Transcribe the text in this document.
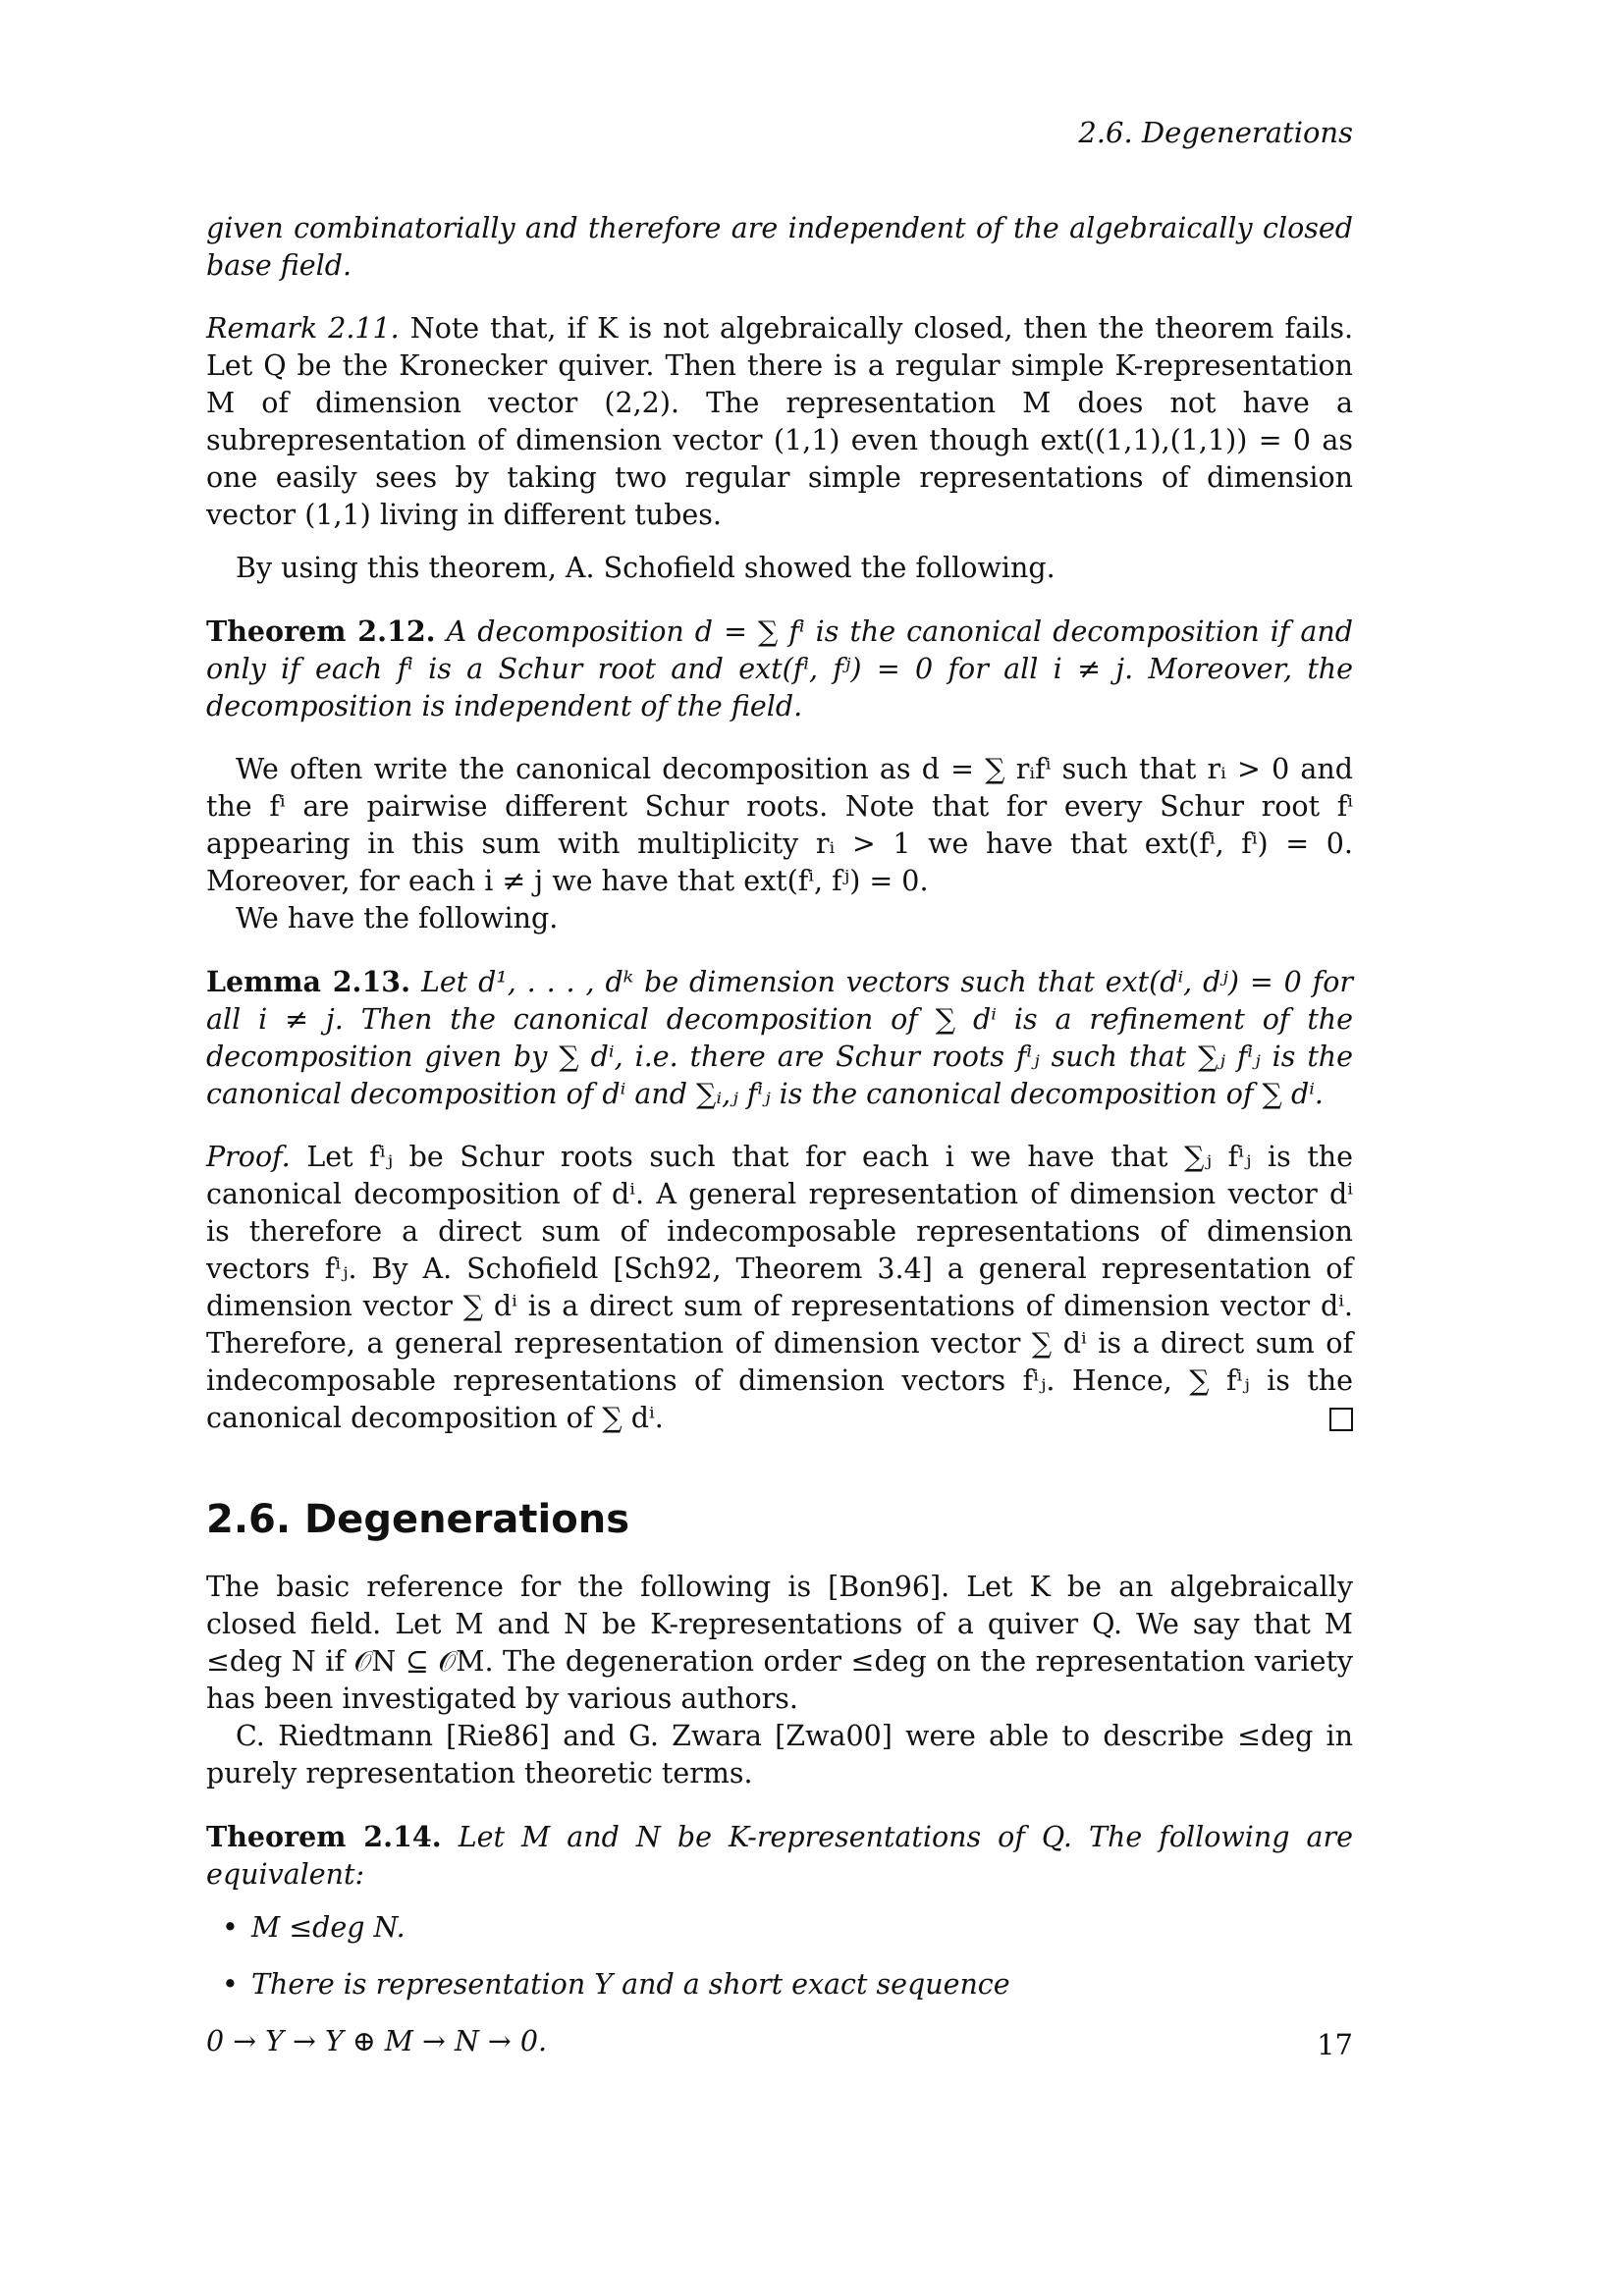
2.6. Degenerations

given combinatorially and therefore are independent of the algebraically closed base field.

Remark 2.11. Note that, if K is not algebraically closed, then the theorem fails. Let Q be the Kronecker quiver. Then there is a regular simple K-representation M of dimension vector (2,2). The representation M does not have a subrepresentation of dimension vector (1,1) even though ext((1,1),(1,1)) = 0 as one easily sees by taking two regular simple representations of dimension vector (1,1) living in different tubes.

By using this theorem, A. Schofield showed the following.

Theorem 2.12. A decomposition d = ∑ fⁱ is the canonical decomposition if and only if each fⁱ is a Schur root and ext(fⁱ, fʲ) = 0 for all i ≠ j. Moreover, the decomposition is independent of the field.

We often write the canonical decomposition as d = ∑ rᵢfⁱ such that rᵢ > 0 and the fⁱ are pairwise different Schur roots. Note that for every Schur root fⁱ appearing in this sum with multiplicity rᵢ > 1 we have that ext(fⁱ, fⁱ) = 0. Moreover, for each i ≠ j we have that ext(fⁱ, fʲ) = 0.

We have the following.

Lemma 2.13. Let d¹, . . . , dᵏ be dimension vectors such that ext(dⁱ, dʲ) = 0 for all i ≠ j. Then the canonical decomposition of ∑ dⁱ is a refinement of the decomposition given by ∑ dⁱ, i.e. there are Schur roots fⁱⱼ such that ∑ⱼ fⁱⱼ is the canonical decomposition of dⁱ and ∑ᵢ,ⱼ fⁱⱼ is the canonical decomposition of ∑ dⁱ.

Proof. Let fⁱⱼ be Schur roots such that for each i we have that ∑ⱼ fⁱⱼ is the canonical decomposition of dⁱ. A general representation of dimension vector dⁱ is therefore a direct sum of indecomposable representations of dimension vectors fⁱⱼ. By A. Schofield [Sch92, Theorem 3.4] a general representation of dimension vector ∑ dⁱ is a direct sum of representations of dimension vector dⁱ. Therefore, a general representation of dimension vector ∑ dⁱ is a direct sum of indecomposable representations of dimension vectors fⁱⱼ. Hence, ∑ fⁱⱼ is the canonical decomposition of ∑ dⁱ.

2.6. Degenerations

The basic reference for the following is [Bon96]. Let K be an algebraically closed field. Let M and N be K-representations of a quiver Q. We say that M ≤deg N if 𝒪N ⊆ 𝒪M. The degeneration order ≤deg on the representation variety has been investigated by various authors.

C. Riedtmann [Rie86] and G. Zwara [Zwa00] were able to describe ≤deg in purely representation theoretic terms.

Theorem 2.14. Let M and N be K-representations of Q. The following are equivalent:

• M ≤deg N.
• There is representation Y and a short exact sequence

0 → Y → Y ⊕ M → N → 0.	17
